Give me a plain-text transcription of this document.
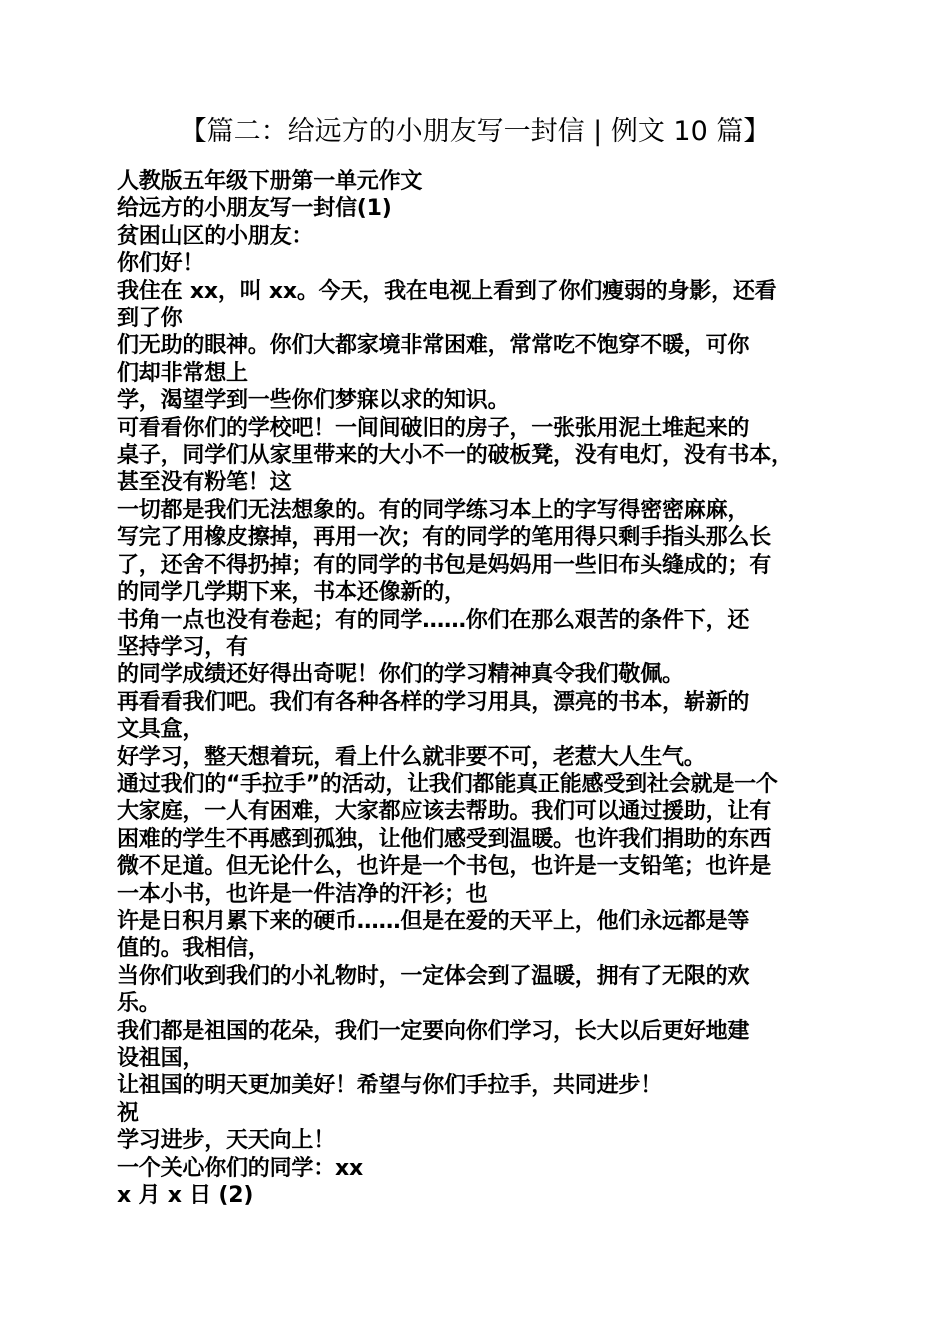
【篇二：给远方的小朋友写一封信 | 例文 10 篇】
人教版五年级下册第一单元作文
给远方的小朋友写一封信(1)
贫困山区的小朋友：
你们好！
我住在 xx，叫 xx。今天，我在电视上看到了你们瘦弱的身影，还看
到了你
们无助的眼神。你们大都家境非常困难，常常吃不饱穿不暖，可你
们却非常想上
学，渴望学到一些你们梦寐以求的知识。
可看看你们的学校吧！一间间破旧的房子，一张张用泥土堆起来的
桌子，同学们从家里带来的大小不一的破板凳，没有电灯，没有书本，
甚至没有粉笔！这
一切都是我们无法想象的。有的同学练习本上的字写得密密麻麻，
写完了用橡皮擦掉，再用一次；有的同学的笔用得只剩手指头那么长
了，还舍不得扔掉；有的同学的书包是妈妈用一些旧布头缝成的；有
的同学几学期下来，书本还像新的，
书角一点也没有卷起；有的同学……你们在那么艰苦的条件下，还
坚持学习，有
的同学成绩还好得出奇呢！你们的学习精神真令我们敬佩。
再看看我们吧。我们有各种各样的学习用具，漂亮的书本，崭新的
文具盒，
好学习，整天想着玩，看上什么就非要不可，老惹大人生气。
通过我们的“手拉手”的活动，让我们都能真正能感受到社会就是一个
大家庭，一人有困难，大家都应该去帮助。我们可以通过援助，让有
困难的学生不再感到孤独，让他们感受到温暖。也许我们捐助的东西
微不足道。但无论什么，也许是一个书包，也许是一支铅笔；也许是
一本小书，也许是一件洁净的汗衫；也
许是日积月累下来的硬币……但是在爱的天平上，他们永远都是等
值的。我相信，
当你们收到我们的小礼物时，一定体会到了温暖，拥有了无限的欢
乐。
我们都是祖国的花朵，我们一定要向你们学习，长大以后更好地建
设祖国，
让祖国的明天更加美好！希望与你们手拉手，共同进步！
祝
学习进步，天天向上！
一个关心你们的同学：xx
x 月 x 日 (2)
